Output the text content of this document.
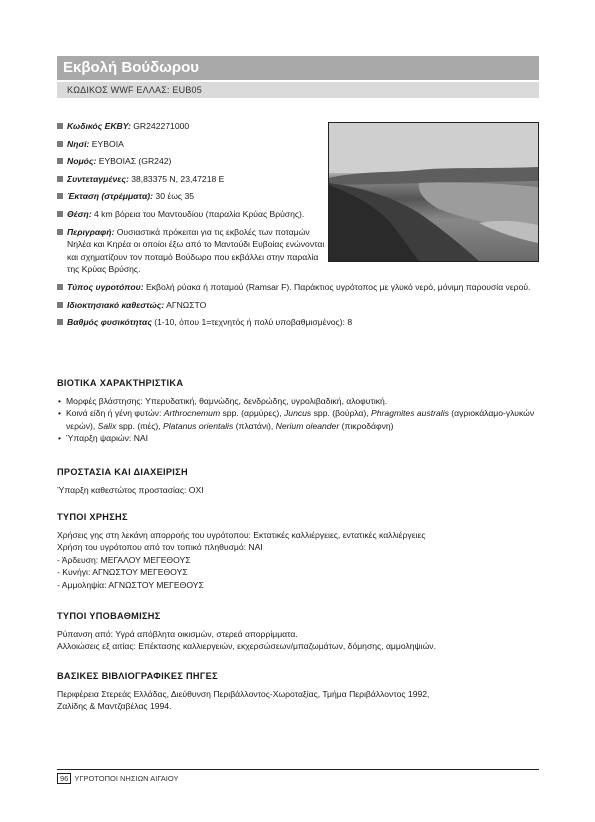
Εκβολή Βούδωρου
ΚΩΔΙΚΟΣ WWF ΕΛΛΑΣ: EUB05
Κωδικός ΕΚΒΥ: GR242271000
Νησί: ΕΥΒΟΙΑ
Νομός: ΕΥΒΟΙΑΣ (GR242)
Συντεταγμένες: 38,83375 N, 23,47218 E
Έκταση (στρέμματα): 30 έως 35
Θέση: 4 km βόρεια του Μαντουδίου (παραλία Κρύας Βρύσης).
Περιγραφή: Ουσιαστικά πρόκειται για τις εκβολές των ποταμών Νηλέα και Κηρέα οι οποίοι έξω από το Μαντούδι Ευβοίας ενώνονται και σχηματίζουν τον ποταμό Βούδωρο που εκβάλλει στην παραλία της Κρύας Βρύσης.
Τύπος υγροτόπου: Εκβολή ρύακα ή ποταμού (Ramsar F). Παράκτιος υγρότοπος με γλυκό νερό, μόνιμη παρουσία νερού.
Ιδιοκτησιακό καθεστώς: ΑΓΝΩΣΤΟ
Βαθμός φυσικότητας (1-10, όπου 1=τεχνητός ή πολύ υποβαθμισμένος): 8
ΒΙΟΤΙΚΑ ΧΑΡΑΚΤΗΡΙΣΤΙΚΑ
• Μορφές βλάστησης: Υπερυδατική, θαμνώδης, δενδρώδης, υγρολιβαδική, αλοφυτική.
• Κοινά είδη ή γένη φυτών: Arthrocnemum spp. (αρμύρες), Juncus spp. (βούρλα), Phragmites australis (αγριοκάλαμο-γλυκών νερών), Salix spp. (ιτιές), Platanus orientalis (πλατάνι), Nerium oleander (πικροδάφνη)
• Ύπαρξη ψαριών: ΝΑΙ
ΠΡΟΣΤΑΣΙΑ ΚΑΙ ΔΙΑΧΕΙΡΙΣΗ

Ύπαρξη καθεστώτος προστασίας: ΟΧΙ

ΤΥΠΟΙ ΧΡΗΣΗΣ

Χρήσεις γης στη λεκάνη απορροής του υγρότοπου: Εκτατικές καλλιέργειες, εντατικές καλλιέργειες

Χρήση του υγρότοπου από τον τοπικό πληθυσμό: ΝΑΙ

- Άρδευση: ΜΕΓΑΛΟΥ ΜΕΓΕΘΟΥΣ

- Κυνήγι: ΑΓΝΩΣΤΟΥ ΜΕΓΕΘΟΥΣ

- Αμμοληψία: ΑΓΝΩΣΤΟΥ ΜΕΓΕΘΟΥΣ

ΤΥΠΟΙ ΥΠΟΒΑΘΜΙΣΗΣ

Ρύπανση από: Υγρά απόβλητα οικισμών, στερεά απορρίμματα.

Αλλοιώσεις εξ αιτίας: Επέκτασης καλλιεργειών, εκχερσώσεων/μπαζωμάτων, δόμησης, αμμοληψιών.

ΒΑΣΙΚΕΣ ΒΙΒΛΙΟΓΡΑΦΙΚΕΣ ΠΗΓΕΣ

Περιφέρεια Στερεάς Ελλάδας, Διεύθυνση Περιβάλλοντος-Χωροταξίας, Τμήμα Περιβάλλοντος 1992,

Ζαλίδης & Μαντζαβέλας 1994.

96 ΥΓΡΟΤΟΠΟΙ ΝΗΣΙΩΝ ΑΙΓΑΙΟΥ
